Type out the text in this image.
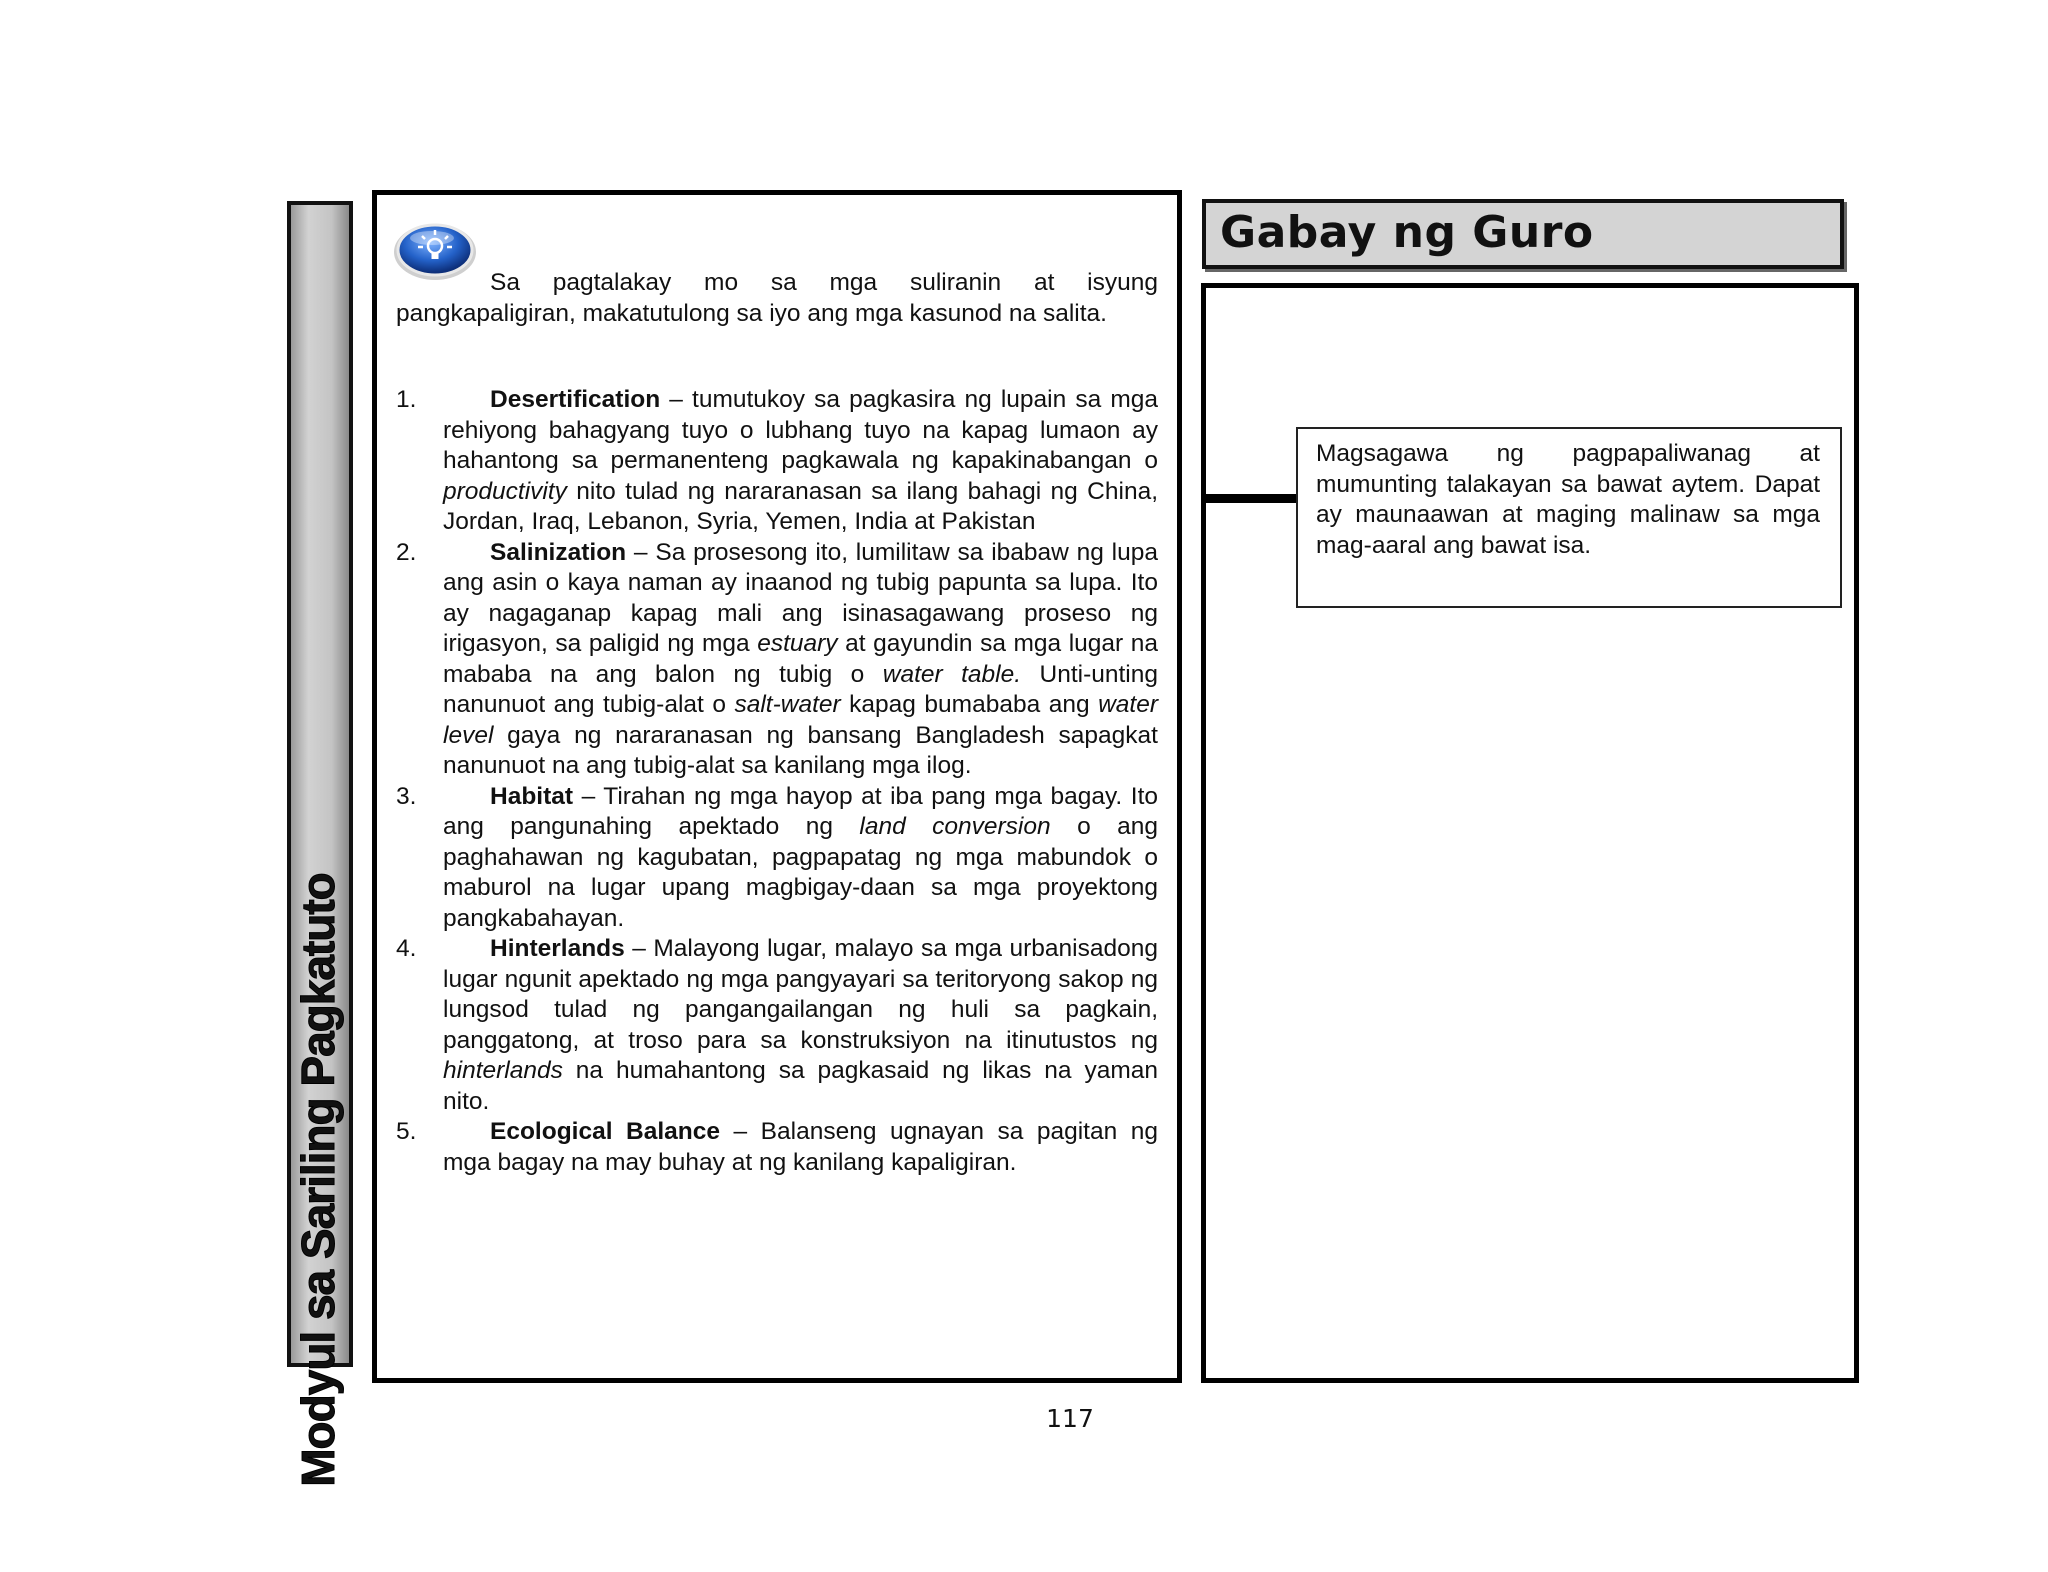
Modyul sa Sariling Pagkatuto
Sa pagtalakay mo sa mga suliranin at isyung pangkapaligiran, makatutulong sa iyo ang mga kasunod na salita.
1.	Desertification – tumutukoy sa pagkasira ng lupain sa mga rehiyong bahagyang tuyo o lubhang tuyo na kapag lumaon ay hahantong sa permanenteng pagkawala ng kapakinabangan o productivity nito tulad ng nararanasan sa ilang bahagi ng China, Jordan, Iraq, Lebanon, Syria, Yemen, India at Pakistan
2.	Salinization – Sa prosesong ito, lumilitaw sa ibabaw ng lupa ang asin o kaya naman ay inaanod ng tubig papunta sa lupa. Ito ay nagaganap kapag mali ang isinasagawang proseso ng irigasyon, sa paligid ng mga estuary at gayundin sa mga lugar na mababa na ang balon ng tubig o water table. Unti-unting nanunuot ang tubig-alat o salt-water kapag bumababa ang water level gaya ng nararanasan ng bansang Bangladesh sapagkat nanunuot na ang tubig-alat sa kanilang mga ilog.
3.	Habitat – Tirahan ng mga hayop at iba pang mga bagay. Ito ang pangunahing apektado ng land conversion o ang paghahawan ng kagubatan, pagpapatag ng mga mabundok o maburol na lugar upang magbigay-daan sa mga proyektong pangkabahayan.
4.	Hinterlands – Malayong lugar, malayo sa mga urbanisadong lugar ngunit apektado ng mga pangyayari sa teritoryong sakop ng lungsod tulad ng pangangailangan ng huli sa pagkain, panggatong, at troso para sa konstruksiyon na itinutustos ng hinterlands na humahantong sa pagkasaid ng likas na yaman nito.
5.	Ecological Balance – Balanseng ugnayan sa pagitan ng mga bagay na may buhay at ng kanilang kapaligiran.
Gabay ng Guro
Magsagawa ng pagpapaliwanag at mumunting talakayan sa bawat aytem. Dapat ay maunaawan at maging malinaw sa mga mag-aaral ang bawat isa.
117
